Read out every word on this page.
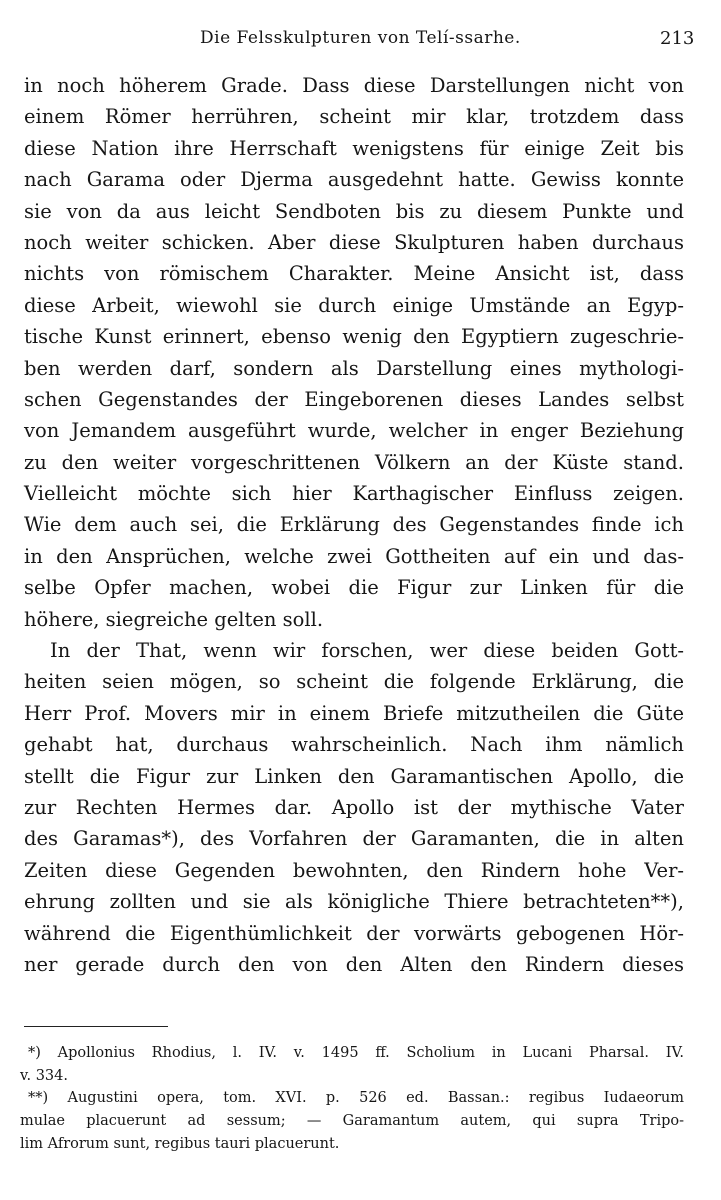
Die Felsskulpturen von Telí-ssarhe.	213
in noch höherem Grade. Dass diese Darstellungen nicht von
einem Römer herrühren, scheint mir klar, trotzdem dass
diese Nation ihre Herrschaft wenigstens für einige Zeit bis
nach Garama oder Djerma ausgedehnt hatte. Gewiss konnte
sie von da aus leicht Sendboten bis zu diesem Punkte und
noch weiter schicken. Aber diese Skulpturen haben durchaus
nichts von römischem Charakter. Meine Ansicht ist, dass
diese Arbeit, wiewohl sie durch einige Umstände an Egyp-
tische Kunst erinnert, ebenso wenig den Egyptiern zugeschrie-
ben werden darf, sondern als Darstellung eines mythologi-
schen Gegenstandes der Eingeborenen dieses Landes selbst
von Jemandem ausgeführt wurde, welcher in enger Beziehung
zu den weiter vorgeschrittenen Völkern an der Küste stand.
Vielleicht möchte sich hier Karthagischer Einfluss zeigen.
Wie dem auch sei, die Erklärung des Gegenstandes finde ich
in den Ansprüchen, welche zwei Gottheiten auf ein und das-
selbe Opfer machen, wobei die Figur zur Linken für die
höhere, siegreiche gelten soll.
In der That, wenn wir forschen, wer diese beiden Gott-
heiten seien mögen, so scheint die folgende Erklärung, die
Herr Prof. Movers mir in einem Briefe mitzutheilen die Güte
gehabt hat, durchaus wahrscheinlich. Nach ihm nämlich
stellt die Figur zur Linken den Garamantischen Apollo, die
zur Rechten Hermes dar. Apollo ist der mythische Vater
des Garamas*), des Vorfahren der Garamanten, die in alten
Zeiten diese Gegenden bewohnten, den Rindern hohe Ver-
ehrung zollten und sie als königliche Thiere betrachteten**),
während die Eigenthümlichkeit der vorwärts gebogenen Hör-
ner gerade durch den von den Alten den Rindern dieses
*) Apollonius Rhodius, l. IV. v. 1495 ff. Scholium in Lucani Pharsal. IV.
v. 334.
**) Augustini opera, tom. XVI. p. 526 ed. Bassan.: regibus Iudaeorum
mulae placuerunt ad sessum; — Garamantum autem, qui supra Tripo-
lim Afrorum sunt, regibus tauri placuerunt.
